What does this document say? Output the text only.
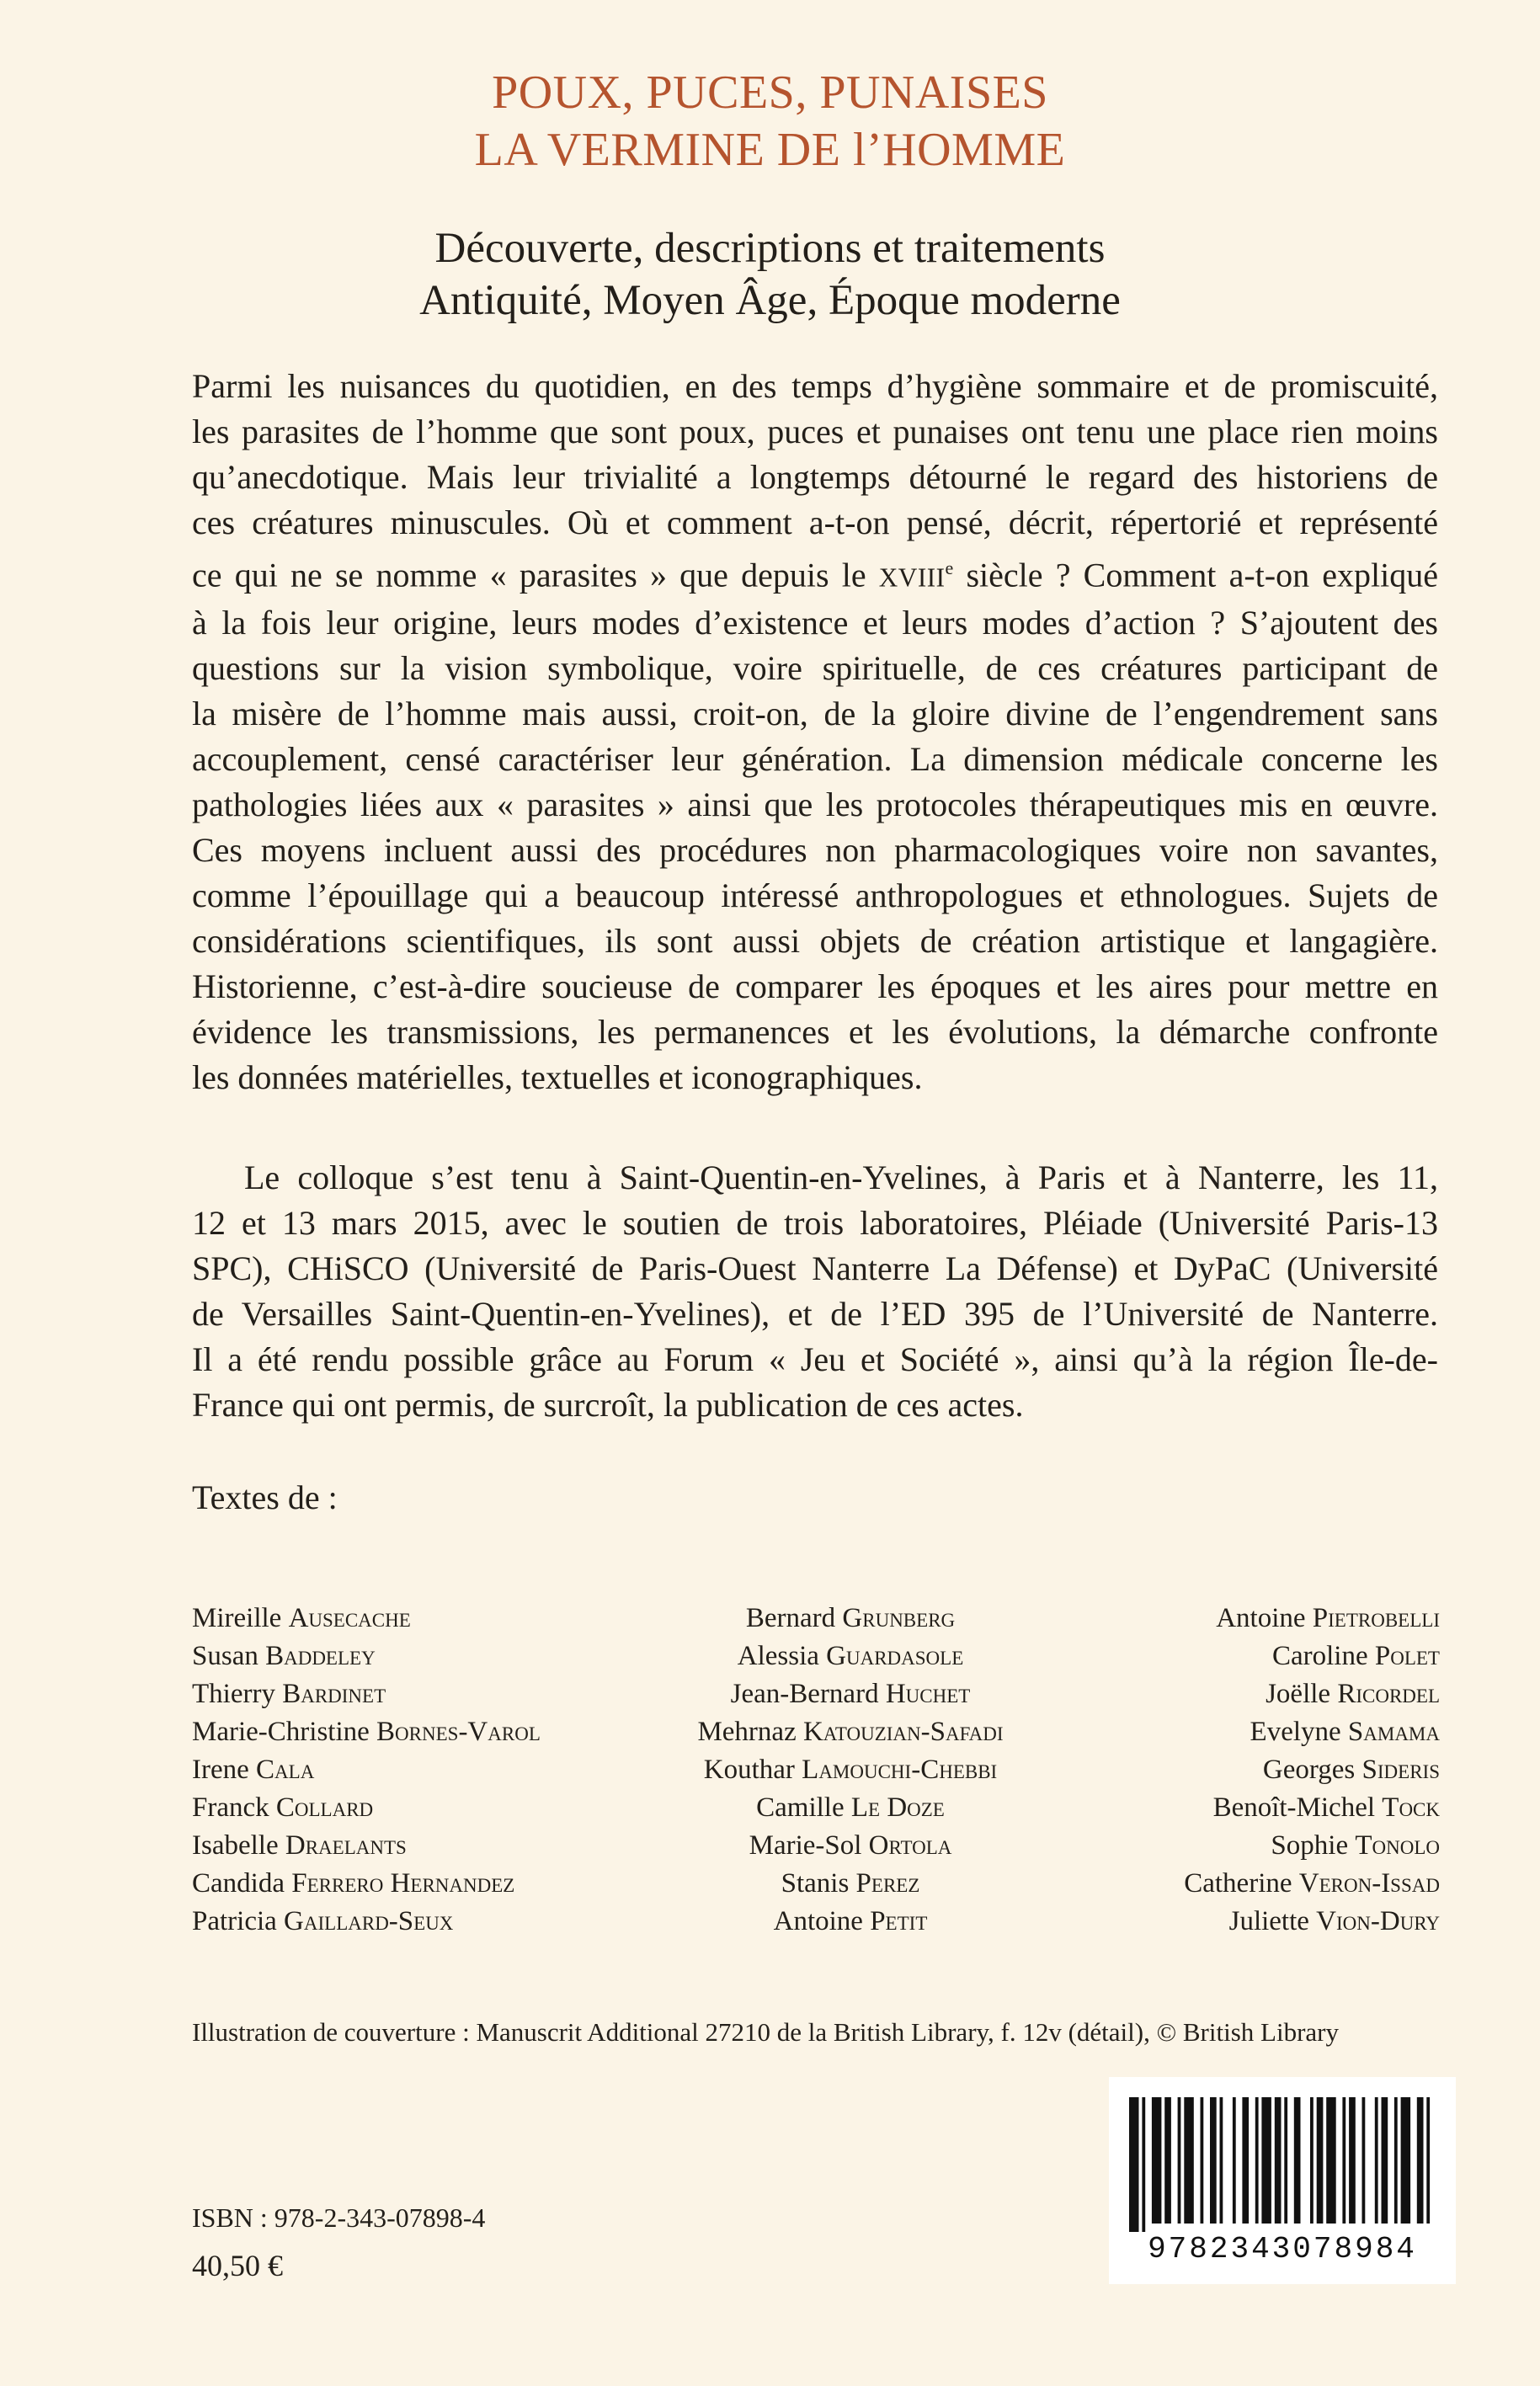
POUX, PUCES, PUNAISES
LA VERMINE DE l’HOMME
Découverte, descriptions et traitements
Antiquité, Moyen Âge, Époque moderne
Parmi les nuisances du quotidien, en des temps d’hygiène sommaire et de promiscuité,
les parasites de l’homme que sont poux, puces et punaises ont tenu une place rien moins
qu’anecdotique. Mais leur trivialité a longtemps détourné le regard des historiens de
ces créatures minuscules. Où et comment a-t-on pensé, décrit, répertorié et représenté
ce qui ne se nomme « parasites » que depuis le XVIIIe siècle ? Comment a-t-on expliqué
à la fois leur origine, leurs modes d’existence et leurs modes d’action ? S’ajoutent des
questions sur la vision symbolique, voire spirituelle, de ces créatures participant de
la misère de l’homme mais aussi, croit-on, de la gloire divine de l’engendrement sans
accouplement, censé caractériser leur génération. La dimension médicale concerne les
pathologies liées aux « parasites » ainsi que les protocoles thérapeutiques mis en œuvre.
Ces moyens incluent aussi des procédures non pharmacologiques voire non savantes,
comme l’épouillage qui a beaucoup intéressé anthropologues et ethnologues. Sujets de
considérations scientifiques, ils sont aussi objets de création artistique et langagière.
Historienne, c’est-à-dire soucieuse de comparer les époques et les aires pour mettre en
évidence les transmissions, les permanences et les évolutions, la démarche confronte
les données matérielles, textuelles et iconographiques.
Le colloque s’est tenu à Saint-Quentin-en-Yvelines, à Paris et à Nanterre, les 11,
12 et 13 mars 2015, avec le soutien de trois laboratoires, Pléiade (Université Paris-13
SPC), CHiSCO (Université de Paris-Ouest Nanterre La Défense) et DyPaC (Université
de Versailles Saint-Quentin-en-Yvelines), et de l’ED 395 de l’Université de Nanterre.
Il a été rendu possible grâce au Forum « Jeu et Société », ainsi qu’à la région Île-de-
France qui ont permis, de surcroît, la publication de ces actes.
Textes de :
Mireille Ausecache
Susan Baddeley
Thierry Bardinet
Marie-Christine Bornes-Varol
Irene Cala
Franck Collard
Isabelle Draelants
Candida Ferrero Hernandez
Patricia Gaillard-Seux
Bernard Grunberg
Alessia Guardasole
Jean-Bernard Huchet
Mehrnaz Katouzian-Safadi
Kouthar Lamouchi-Chebbi
Camille Le Doze
Marie-Sol Ortola
Stanis Perez
Antoine Petit
Antoine Pietrobelli
Caroline Polet
Joëlle Ricordel
Evelyne Samama
Georges Sideris
Benoît-Michel Tock
Sophie Tonolo
Catherine Veron-Issad
Juliette Vion-Dury
Illustration de couverture : Manuscrit Additional 27210 de la British Library, f. 12v (détail), © British Library
9782343078984
ISBN : 978-2-343-07898-4
40,50 €
